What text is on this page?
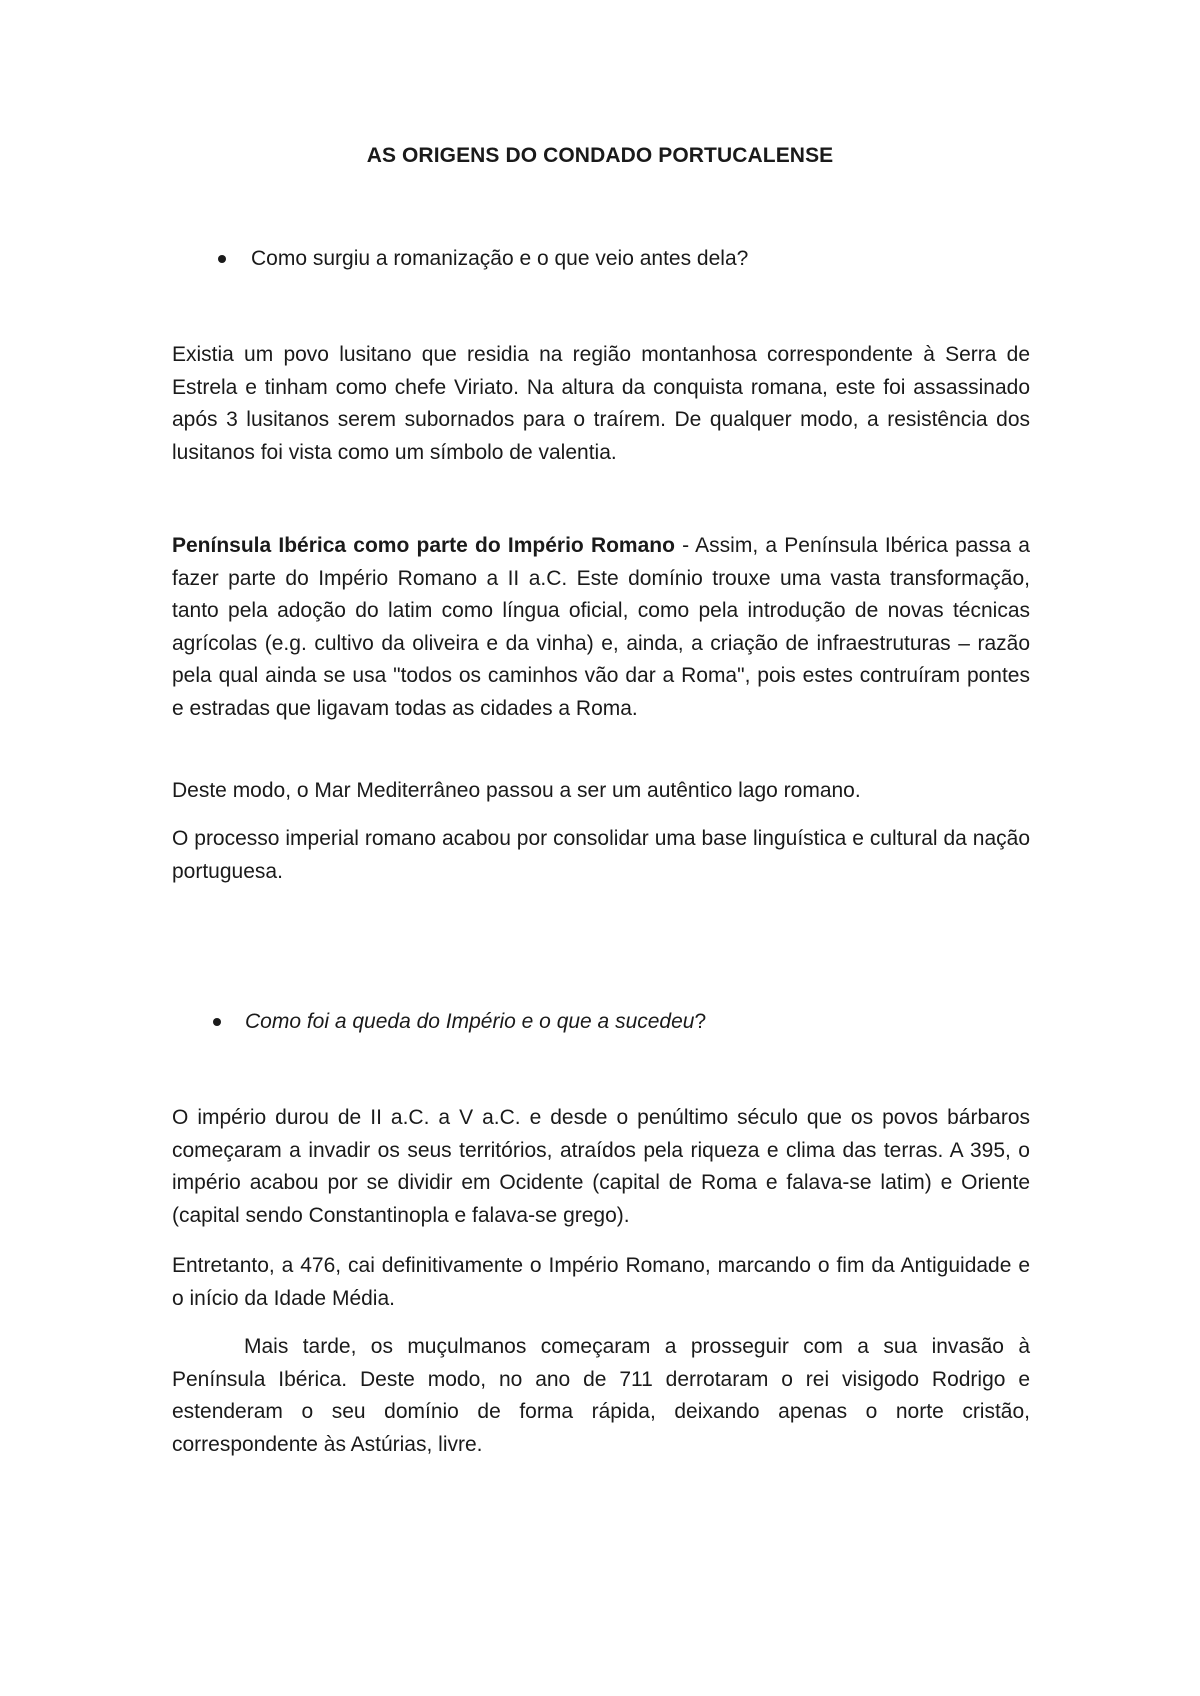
AS ORIGENS DO CONDADO PORTUCALENSE
Como surgiu a romanização e o que veio antes dela?

Existia um povo lusitano que residia na região montanhosa correspondente à Serra de Estrela e tinham como chefe Viriato. Na altura da conquista romana, este foi assassinado após 3 lusitanos serem subornados para o traírem. De qualquer modo, a resistência dos lusitanos foi vista como um símbolo de valentia.

Península Ibérica como parte do Império Romano - Assim, a Península Ibérica passa a fazer parte do Império Romano a II a.C. Este domínio trouxe uma vasta transformação, tanto pela adoção do latim como língua oficial, como pela introdução de novas técnicas agrícolas (e.g. cultivo da oliveira e da vinha) e, ainda, a criação de infraestruturas – razão pela qual ainda se usa "todos os caminhos vão dar a Roma", pois estes contruíram pontes e estradas que ligavam todas as cidades a Roma.

Deste modo, o Mar Mediterrâneo passou a ser um autêntico lago romano.

O processo imperial romano acabou por consolidar uma base linguística e cultural da nação portuguesa.

Como foi a queda do Império e o que a sucedeu?

O império durou de II a.C. a V a.C. e desde o penúltimo século que os povos bárbaros começaram a invadir os seus territórios, atraídos pela riqueza e clima das terras. A 395, o império acabou por se dividir em Ocidente (capital de Roma e falava-se latim) e Oriente (capital sendo Constantinopla e falava-se grego).

Entretanto, a 476, cai definitivamente o Império Romano, marcando o fim da Antiguidade e o início da Idade Média.

Mais tarde, os muçulmanos começaram a prosseguir com a sua invasão à Península Ibérica. Deste modo, no ano de 711 derrotaram o rei visigodo Rodrigo e estenderam o seu domínio de forma rápida, deixando apenas o norte cristão, correspondente às Astúrias, livre.
